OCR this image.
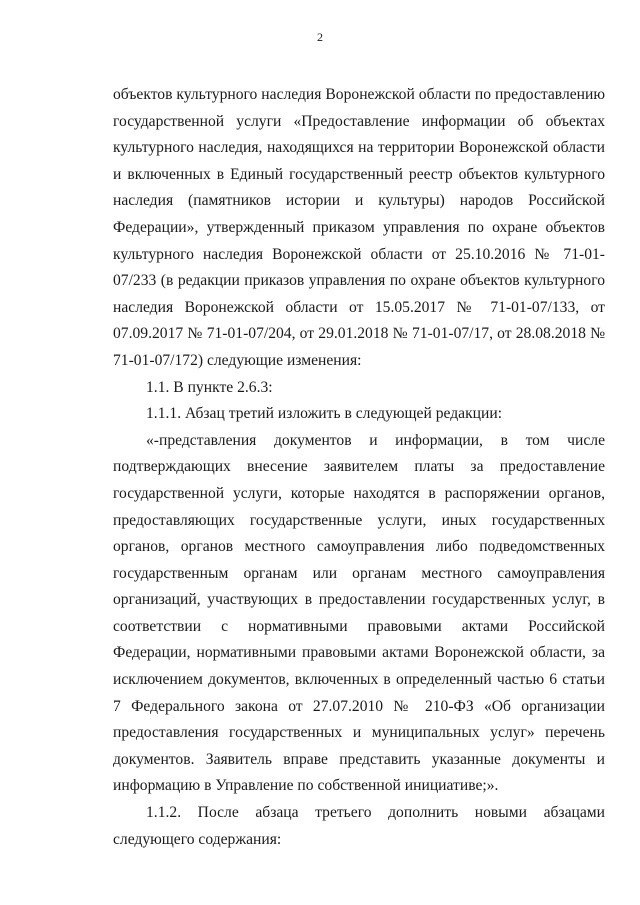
2

объектов культурного наследия Воронежской области по предоставлению государственной услуги «Предоставление информации об объектах культурного наследия, находящихся на территории Воронежской области и включенных в Единый государственный реестр объектов культурного наследия (памятников истории и культуры) народов Российской Федерации», утвержденный приказом управления по охране объектов культурного наследия Воронежской области от 25.10.2016 № 71-01-07/233 (в редакции приказов управления по охране объектов культурного наследия Воронежской области от 15.05.2017 № 71-01-07/133, от 07.09.2017 № 71-01-07/204, от 29.01.2018 № 71-01-07/17, от 28.08.2018 № 71-01-07/172) следующие изменения:

1.1. В пункте 2.6.3:

1.1.1. Абзац третий изложить в следующей редакции:

«-представления документов и информации, в том числе подтверждающих внесение заявителем платы за предоставление государственной услуги, которые находятся в распоряжении органов, предоставляющих государственные услуги, иных государственных органов, органов местного самоуправления либо подведомственных государственным органам или органам местного самоуправления организаций, участвующих в предоставлении государственных услуг, в соответствии с нормативными правовыми актами Российской Федерации, нормативными правовыми актами Воронежской области, за исключением документов, включенных в определенный частью 6 статьи 7 Федерального закона от 27.07.2010 № 210-ФЗ «Об организации предоставления государственных и муниципальных услуг» перечень документов. Заявитель вправе представить указанные документы и информацию в Управление по собственной инициативе;».

1.1.2. После абзаца третьего дополнить новыми абзацами следующего содержания:
